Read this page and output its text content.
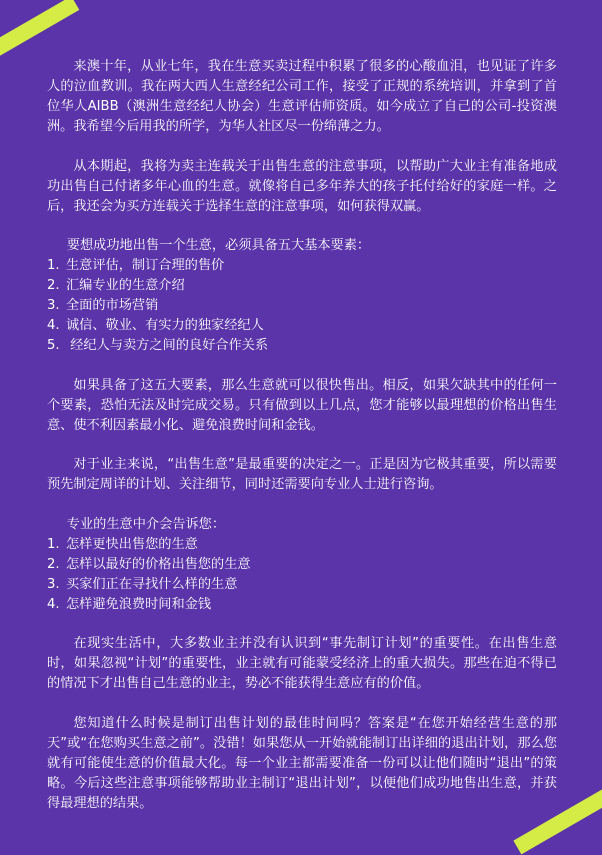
来澳十年，从业七年，我在生意买卖过程中积累了很多的心酸血泪，也见证了许多人的泣血教训。我在两大西人生意经纪公司工作，接受了正规的系统培训，并拿到了首位华人AIBB（澳洲生意经纪人协会）生意评估师资质。如今成立了自己的公司-投资澳洲。我希望今后用我的所学，为华人社区尽一份绵薄之力。

从本期起，我将为卖主连载关于出售生意的注意事项，以帮助广大业主有准备地成功出售自己付诸多年心血的生意。就像将自己多年养大的孩子托付给好的家庭一样。之后，我还会为买方连载关于选择生意的注意事项，如何获得双赢。

要想成功地出售一个生意，必须具备五大基本要素：

1. 生意评估，制订合理的售价
2. 汇编专业的生意介绍
3. 全面的市场营销
4. 诚信、敬业、有实力的独家经纪人
5. 经纪人与卖方之间的良好合作关系

如果具备了这五大要素，那么生意就可以很快售出。相反，如果欠缺其中的任何一个要素，恐怕无法及时完成交易。只有做到以上几点，您才能够以最理想的价格出售生意、使不利因素最小化、避免浪费时间和金钱。

对于业主来说，“出售生意”是最重要的决定之一。正是因为它极其重要，所以需要预先制定周详的计划、关注细节，同时还需要向专业人士进行咨询。

专业的生意中介会告诉您：

1. 怎样更快出售您的生意
2. 怎样以最好的价格出售您的生意
3. 买家们正在寻找什么样的生意
4. 怎样避免浪费时间和金钱

在现实生活中，大多数业主并没有认识到“事先制订计划”的重要性。在出售生意时，如果忽视“计划”的重要性，业主就有可能蒙受经济上的重大损失。那些在迫不得已的情况下才出售自己生意的业主，势必不能获得生意应有的价值。

您知道什么时候是制订出售计划的最佳时间吗？答案是“在您开始经营生意的那天”或“在您购买生意之前”。没错！如果您从一开始就能制订出详细的退出计划，那么您就有可能使生意的价值最大化。每一个业主都需要准备一份可以让他们随时“退出”的策略。今后这些注意事项能够帮助业主制订“退出计划”，以便他们成功地售出生意，并获得最理想的结果。
